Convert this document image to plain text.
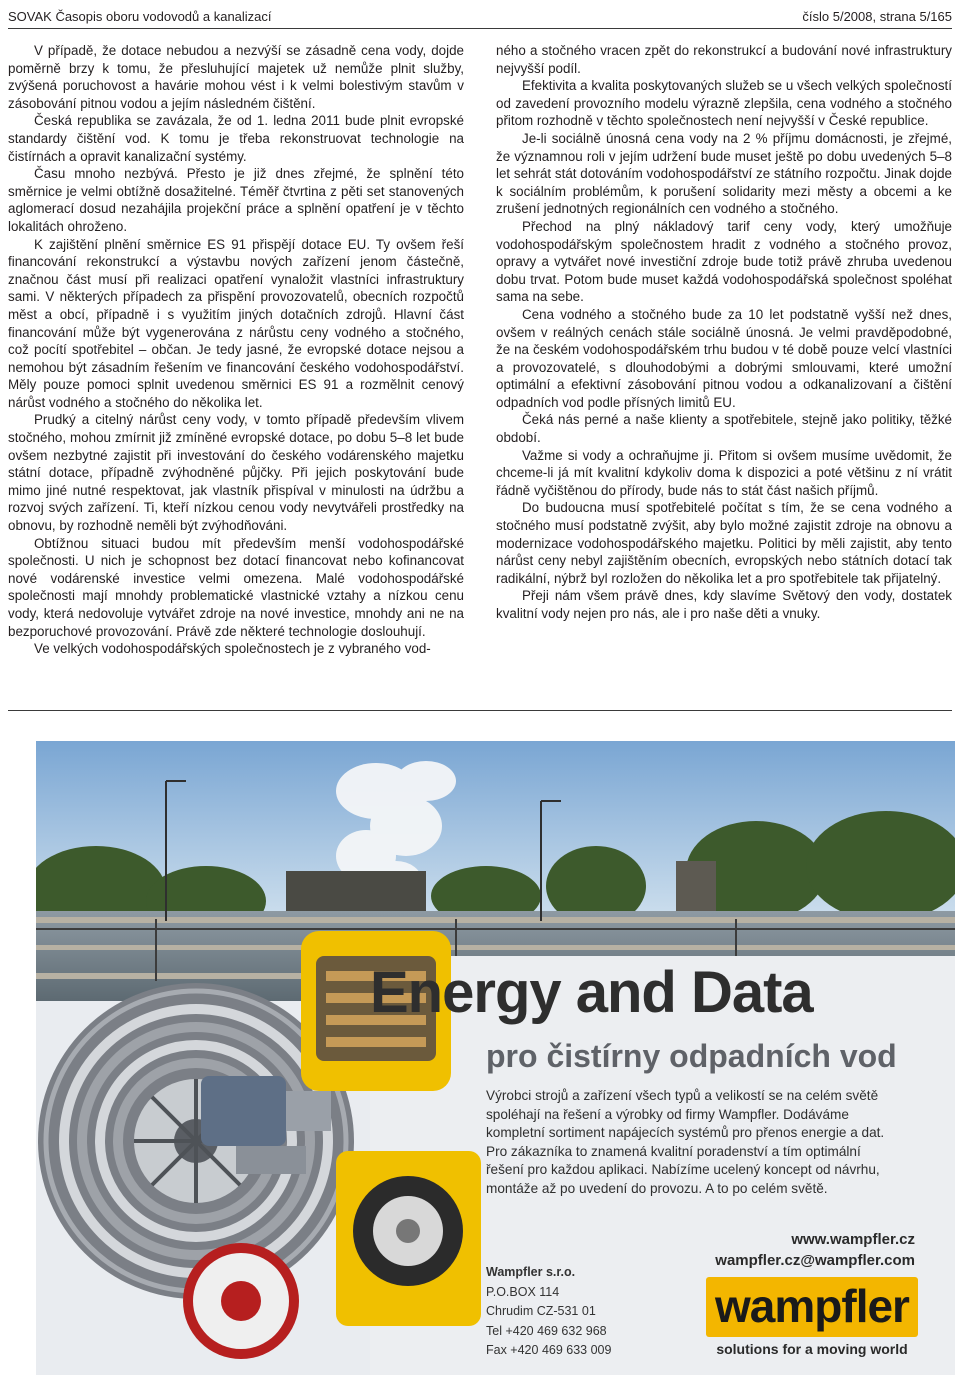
SOVAK Časopis oboru vodovodů a kanalizací	číslo 5/2008, strana 5/165

V případě, že dotace nebudou a nezvýší se zásadně cena vody, dojde poměrně brzy k tomu, že přesluhující majetek už nemůže plnit služby, zvýšená poruchovost a havárie mohou vést i k velmi bolestivým stavům v zásobování pitnou vodou a jejím následném čištění.

Česká republika se zavázala, že od 1. ledna 2011 bude plnit evropské standardy čištění vod. K tomu je třeba rekonstruovat technologie na čistírnách a opravit kanalizační systémy.

Času mnoho nezbývá. Přesto je již dnes zřejmé, že splnění této směrnice je velmi obtížně dosažitelné. Téměř čtvrtina z pěti set stanovených aglomerací dosud nezahájila projekční práce a splnění opatření je v těchto lokalitách ohroženo.

K zajištění plnění směrnice ES 91 přispějí dotace EU. Ty ovšem řeší financování rekonstrukcí a výstavbu nových zařízení jenom částečně, značnou část musí při realizaci opatření vynaložit vlastníci infrastruktury sami. V některých případech za přispění provozovatelů, obecních rozpočtů měst a obcí, případně i s využitím jiných dotačních zdrojů. Hlavní část financování může být vygenerována z nárůstu ceny vodného a stočného, což pocítí spotřebitel – občan. Je tedy jasné, že evropské dotace nejsou a nemohou být zásadním řešením ve financování českého vodohospodářství. Měly pouze pomoci splnit uvedenou směrnici ES 91 a rozmělnit cenový nárůst vodného a stočného do několika let.

Prudký a citelný nárůst ceny vody, v tomto případě především vlivem stočného, mohou zmírnit již zmíněné evropské dotace, po dobu 5–8 let bude ovšem nezbytné zajistit při investování do českého vodárenského majetku státní dotace, případně zvýhodněné půjčky. Při jejich poskytování bude mimo jiné nutné respektovat, jak vlastník přispíval v minulosti na údržbu a rozvoj svých zařízení. Ti, kteří nízkou cenou vody nevytvářeli prostředky na obnovu, by rozhodně neměli být zvýhodňováni.

Obtížnou situaci budou mít především menší vodohospodářské společnosti. U nich je schopnost bez dotací financovat nebo kofinancovat nové vodárenské investice velmi omezena. Malé vodohospodářské společnosti mají mnohdy problematické vlastnické vztahy a nízkou cenu vody, která nedovoluje vytvářet zdroje na nové investice, mnohdy ani ne na bezporuchové provozování. Právě zde některé technologie doslouhují.

Ve velkých vodohospodářských společnostech je z vybraného vod-

ného a stočného vracen zpět do rekonstrukcí a budování nové infrastruktury nejvyšší podíl.

Efektivita a kvalita poskytovaných služeb se u všech velkých společností od zavedení provozního modelu výrazně zlepšila, cena vodného a stočného přitom rozhodně v těchto společnostech není nejvyšší v České republice.

Je-li sociálně únosná cena vody na 2 % příjmu domácnosti, je zřejmé, že významnou roli v jejím udržení bude muset ještě po dobu uvedených 5–8 let sehrát stát dotováním vodohospodářství ze státního rozpočtu. Jinak dojde k sociálním problémům, k porušení solidarity mezi městy a obcemi a ke zrušení jednotných regionálních cen vodného a stočného.

Přechod na plný nákladový tarif ceny vody, který umožňuje vodohospodářským společnostem hradit z vodného a stočného provoz, opravy a vytvářet nové investiční zdroje bude totiž právě zhruba uvedenou dobu trvat. Potom bude muset každá vodohospodářská společnost spoléhat sama na sebe.

Cena vodného a stočného bude za 10 let podstatně vyšší než dnes, ovšem v reálných cenách stále sociálně únosná. Je velmi pravděpodobné, že na českém vodohospodářském trhu budou v té době pouze velcí vlastníci a provozovatelé, s dlouhodobými a dobrými smlouvami, které umožní optimální a efektivní zásobování pitnou vodou a odkanalizovaní a čištění odpadních vod podle přísných limitů EU.

Čeká nás perné a naše klienty a spotřebitele, stejně jako politiky, těžké období.

Važme si vody a ochraňujme ji. Přitom si ovšem musíme uvědomit, že chceme-li já mít kvalitní kdykoliv doma k dispozici a poté většinu z ní vrátit řádně vyčištěnou do přírody, bude nás to stát část našich příjmů.

Do budoucna musí spotřebitelé počítat s tím, že se cena vodného a stočného musí podstatně zvýšit, aby bylo možné zajistit zdroje na obnovu a modernizace vodohospodářského majetku. Politici by měli zajistit, aby tento nárůst ceny nebyl zajištěním obecních, evropských nebo státních dotací tak radikální, nýbrž byl rozložen do několika let a pro spotřebitele tak přijatelný.

Přeji nám všem právě dnes, kdy slavíme Světový den vody, dostatek kvalitní vody nejen pro nás, ale i pro naše děti a vnuky.

Energy and Data
pro čistírny odpadních vod
Výrobci strojů a zařízení všech typů a velikostí se na celém světě
spoléhají na řešení a výrobky od firmy Wampfler. Dodáváme
kompletní sortiment napájecích systémů pro přenos energie a dat.
Pro zákazníka to znamená kvalitní poradenství a tím optimální
řešení pro každou aplikaci. Nabízíme ucelený koncept od návrhu,
montáže až po uvedení do provozu. A to po celém světě.
www.wampfler.cz
wampfler.cz@wampfler.com
Wampfler s.r.o.
P.O.BOX 114
Chrudim CZ-531 01
Tel +420 469 632 968
Fax +420 469 633 009
wampfler
solutions for a moving world
